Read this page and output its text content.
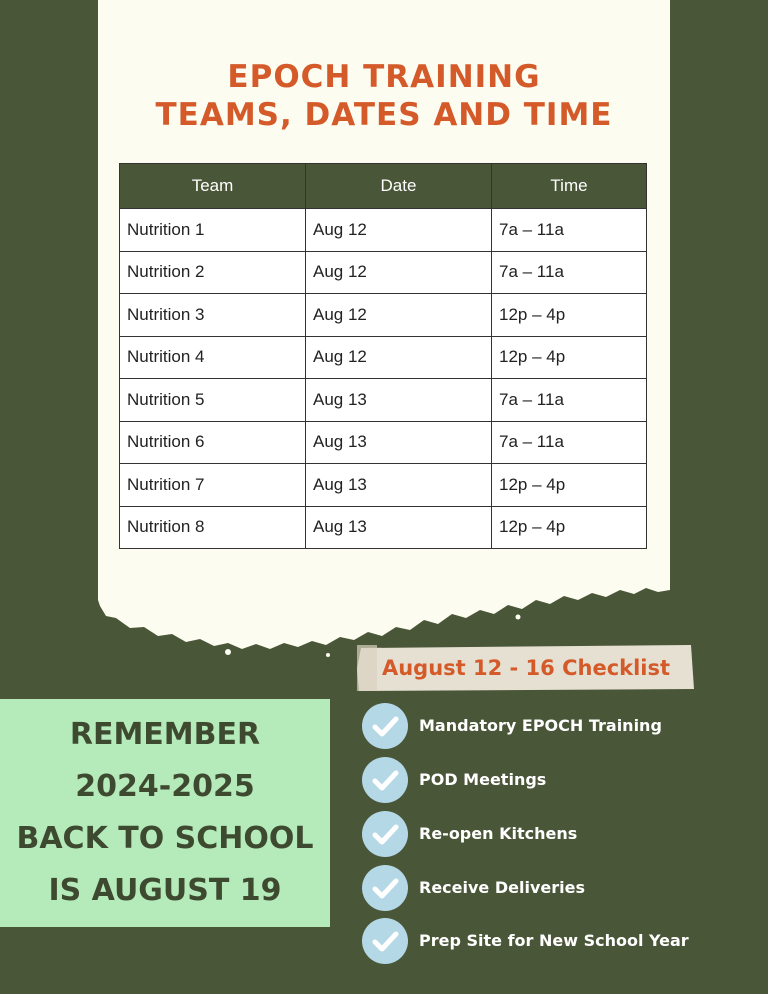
EPOCH TRAINING
TEAMS, DATES AND TIME
Team	Date	Time
Nutrition 1	Aug 12	7a – 11a
Nutrition 2	Aug 12	7a – 11a
Nutrition 3	Aug 12	12p – 4p
Nutrition 4	Aug 12	12p – 4p
Nutrition 5	Aug 13	7a – 11a
Nutrition 6	Aug 13	7a – 11a
Nutrition 7	Aug 13	12p – 4p
Nutrition 8	Aug 13	12p – 4p
REMEMBER
2024-2025
BACK TO SCHOOL
IS AUGUST 19
August 12 - 16 Checklist
Mandatory EPOCH Training
POD Meetings
Re-open Kitchens
Receive Deliveries
Prep Site for New School Year
